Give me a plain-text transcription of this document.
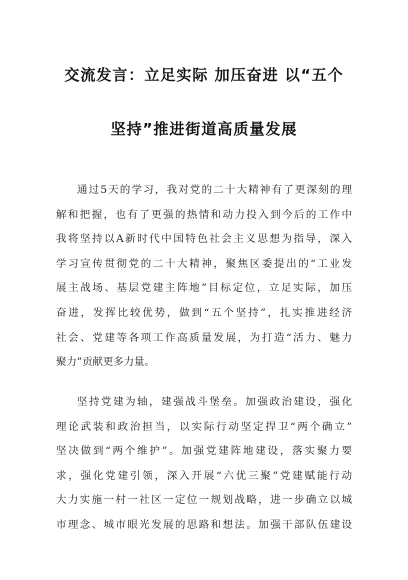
交流发言：立足实际 加压奋进 以“五个
坚持”推进街道高质量发展
通过5天的学习，我对党的二十大精神有了更深刻的理
解和把握，也有了更强的热情和动力投入到今后的工作中
我将坚持以A新时代中国特色社会主义思想为指导，深入
学习宣传贯彻党的二十大精神，聚焦区委提出的“工业发
展主战场、基层党建主阵地”目标定位，立足实际，加压
奋进，发挥比较优势，做到“五个坚持”，扎实推进经济
社会、党建等各项工作高质量发展，为打造“活力、魅力
聚力”贡献更多力量。
坚持党建为轴，建强战斗堡垒。加强政治建设，强化
理论武装和政治担当，以实际行动坚定捍卫“两个确立”
坚决做到“两个维护”。加强党建阵地建设，落实聚力要
求，强化党建引领，深入开展“六优三聚”党建赋能行动
大力实施一村一社区一定位一规划战略，进一步确立以城
市理念、城市眼光发展的思路和想法。加强干部队伍建设
